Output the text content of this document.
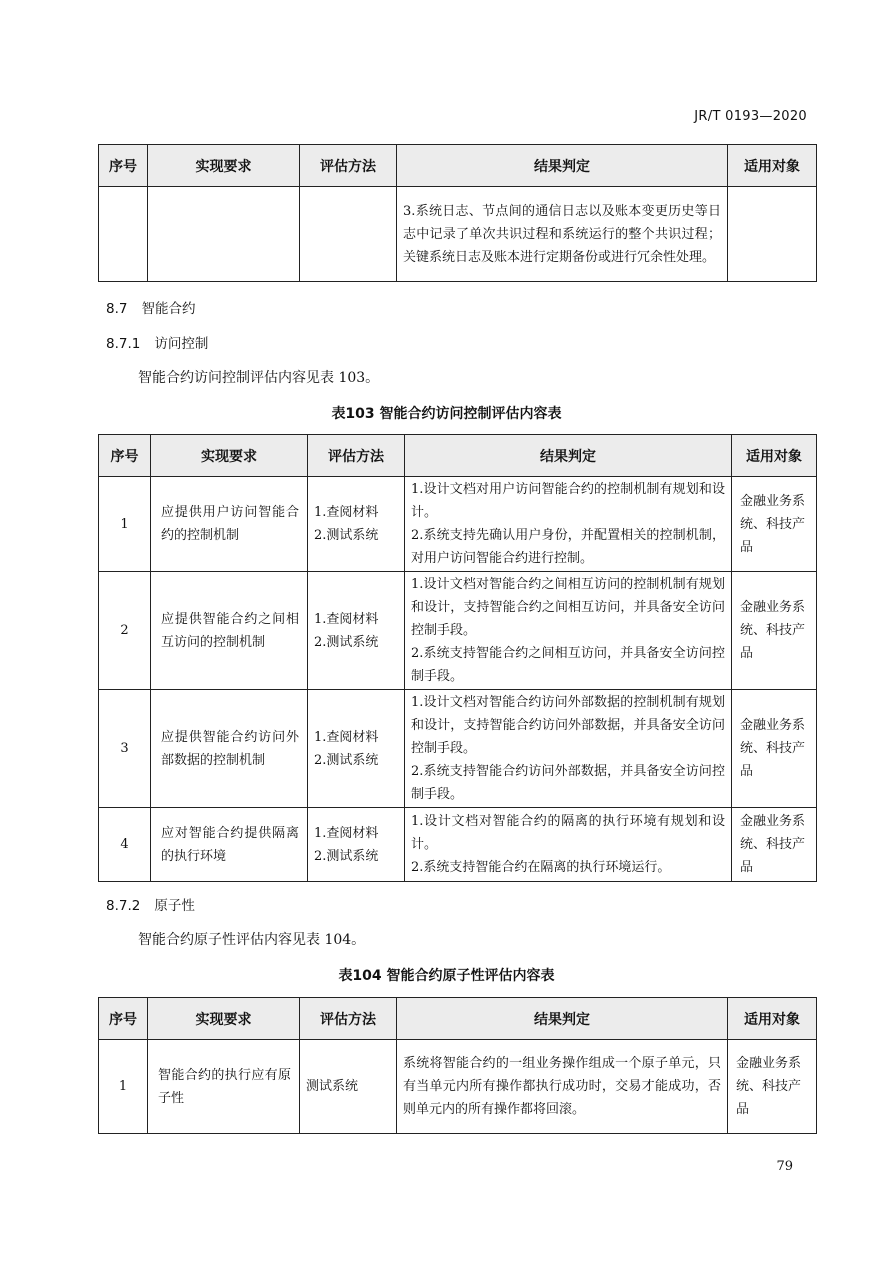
JR/T 0193—2020
序号	实现要求	评估方法	结果判定	适用对象

			3.系统日志、节点间的通信日志以及账本变更历史等日志中记录了单次共识过程和系统运行的整个共识过程；关键系统日志及账本进行定期备份或进行冗余性处理。	

8.7 智能合约
8.7.1 访问控制
智能合约访问控制评估内容见表 103。
表103 智能合约访问控制评估内容表
序号	实现要求	评估方法	结果判定	适用对象
1	应提供用户访问智能合约的控制机制	1.查阅材料
2.测试系统	1.设计文档对用户访问智能合约的控制机制有规划和设计。
2.系统支持先确认用户身份，并配置相关的控制机制，对用户访问智能合约进行控制。	金融业务系统、科技产品
2	应提供智能合约之间相互访问的控制机制	1.查阅材料
2.测试系统	1.设计文档对智能合约之间相互访问的控制机制有规划和设计，支持智能合约之间相互访问，并具备安全访问控制手段。
2.系统支持智能合约之间相互访问，并具备安全访问控制手段。	金融业务系统、科技产品
3	应提供智能合约访问外部数据的控制机制	1.查阅材料
2.测试系统	1.设计文档对智能合约访问外部数据的控制机制有规划和设计，支持智能合约访问外部数据，并具备安全访问控制手段。
2.系统支持智能合约访问外部数据，并具备安全访问控制手段。	金融业务系统、科技产品
4	应对智能合约提供隔离的执行环境	1.查阅材料
2.测试系统	1.设计文档对智能合约的隔离的执行环境有规划和设计。
2.系统支持智能合约在隔离的执行环境运行。	金融业务系统、科技产品
8.7.2 原子性
智能合约原子性评估内容见表 104。
表104 智能合约原子性评估内容表
序号	实现要求	评估方法	结果判定	适用对象
1	智能合约的执行应有原子性	测试系统	系统将智能合约的一组业务操作组成一个原子单元，只有当单元内所有操作都执行成功时，交易才能成功，否则单元内的所有操作都将回滚。	金融业务系统、科技产品
79
